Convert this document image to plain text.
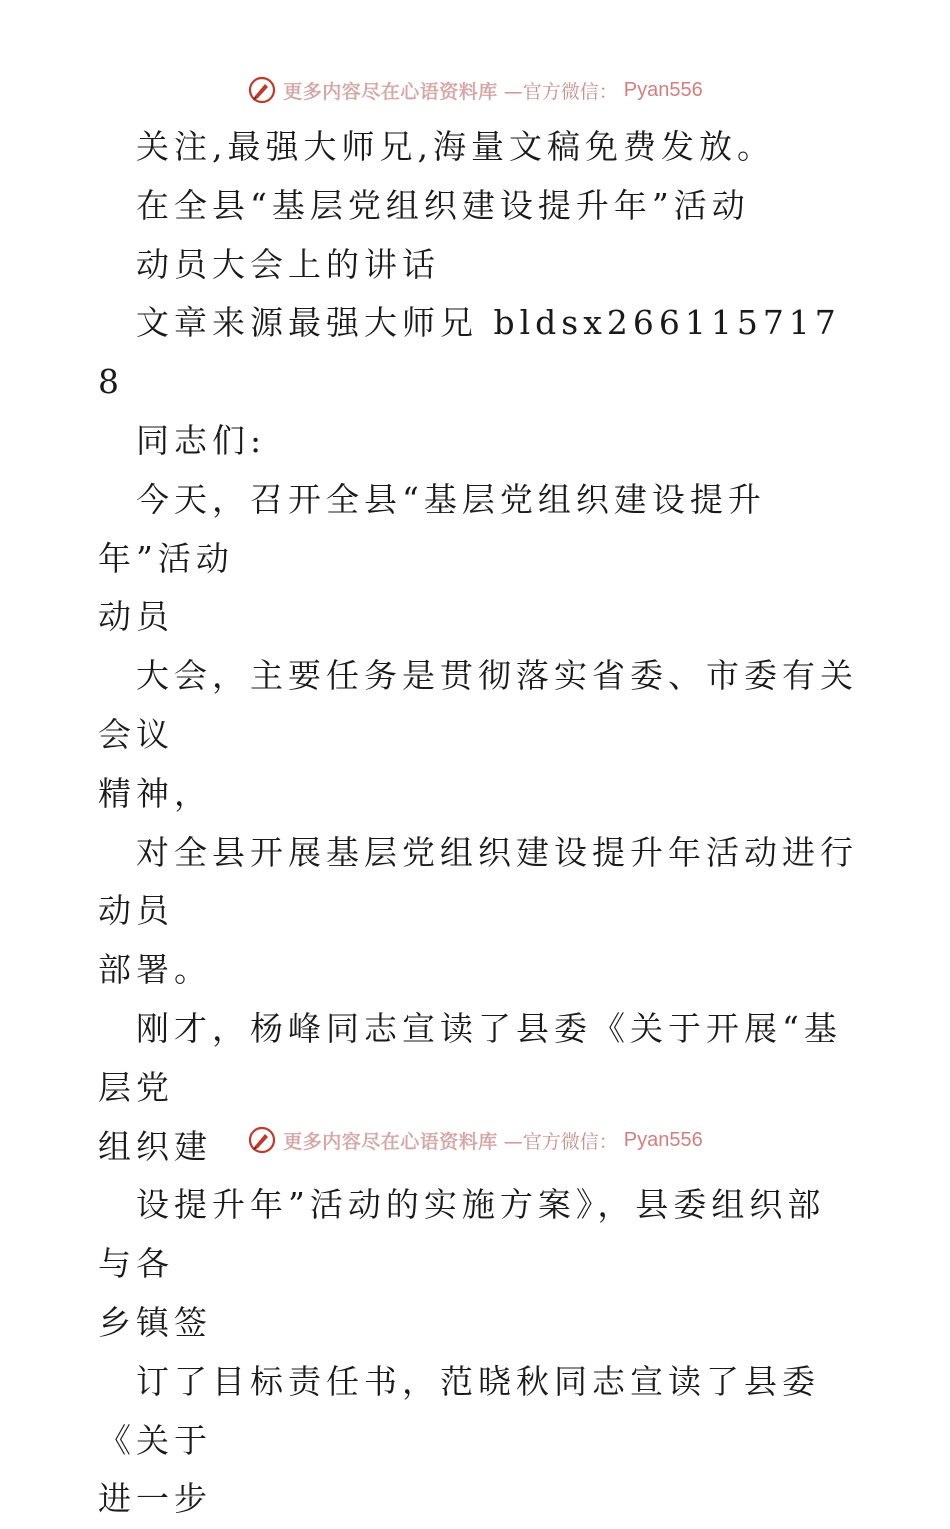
更多内容尽在心语资料库 —官方微信： Pyan556

关注,最强大师兄,海量文稿免费发放。

在全县“基层党组织建设提升年”活动

动员大会上的讲话

文章来源最强大师兄 bldsx2661157178

同志们:

今天，召开全县“基层党组织建设提升年”活动

动员

大会，主要任务是贯彻落实省委、市委有关会议

精神，

对全县开展基层党组织建设提升年活动进行动员

部署。

刚才，杨峰同志宣读了县委《关于开展“基层党

组织建

设提升年”活动的实施方案》，县委组织部与各

乡镇签

订了目标责任书，范晓秋同志宣读了县委《关于

进一步

更多内容尽在心语资料库 —官方微信： Pyan556
